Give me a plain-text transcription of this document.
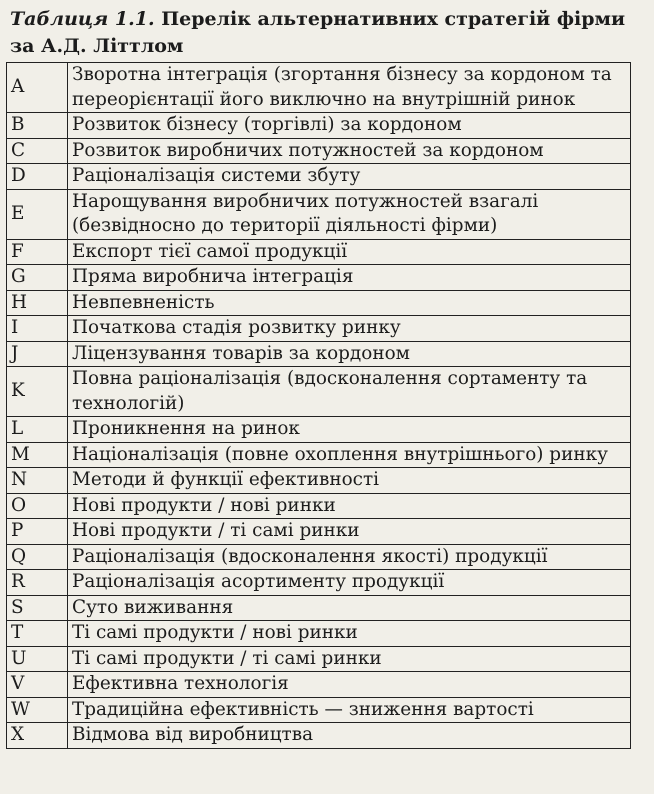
Таблиця 1.1. Перелік альтернативних стратегій фірми за А.Д. Літтлом
A	Зворотна інтеграція (згортання бізнесу за кордоном та переорієнтації його виключно на внутрішній ринок
B	Розвиток бізнесу (торгівлі) за кордоном
C	Розвиток виробничих потужностей за кордоном
D	Раціоналізація системи збуту
E	Нарощування виробничих потужностей взагалі (безвідносно до території діяльності фірми)
F	Експорт тієї самої продукції
G	Пряма виробнича інтеграція
H	Невпевненість
I	Початкова стадія розвитку ринку
J	Ліцензування товарів за кордоном
K	Повна раціоналізація (вдосконалення сортаменту та технологій)
L	Проникнення на ринок
M	Націоналізація (повне охоплення внутрішнього) ринку
N	Методи й функції ефективності
O	Нові продукти / нові ринки
P	Нові продукти / ті самі ринки
Q	Раціоналізація (вдосконалення якості) продукції
R	Раціоналізація асортименту продукції
S	Суто виживання
T	Ті самі продукти / нові ринки
U	Ті самі продукти / ті самі ринки
V	Ефективна технологія
W	Традиційна ефективність — зниження вартості
X	Відмова від виробництва
